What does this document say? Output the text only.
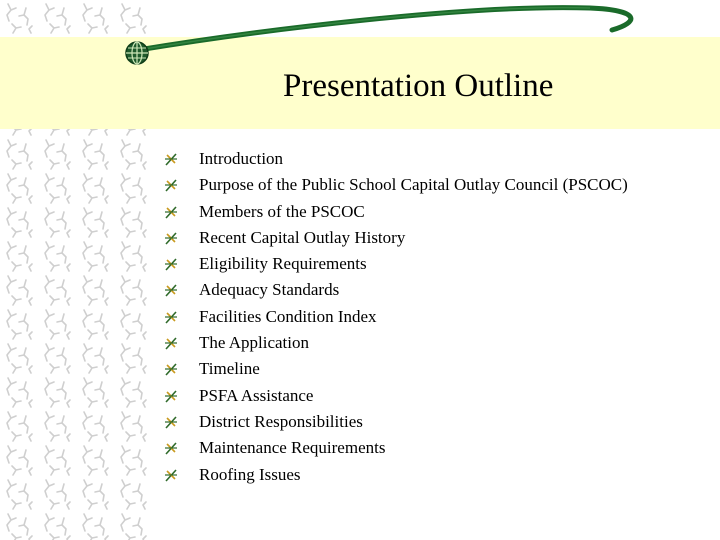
Presentation Outline
Introduction
Purpose of the Public School Capital Outlay Council (PSCOC)
Members of the PSCOC
Recent Capital Outlay History
Eligibility Requirements
Adequacy Standards
Facilities Condition Index
The Application
Timeline
PSFA Assistance
District Responsibilities
Maintenance Requirements
Roofing Issues
